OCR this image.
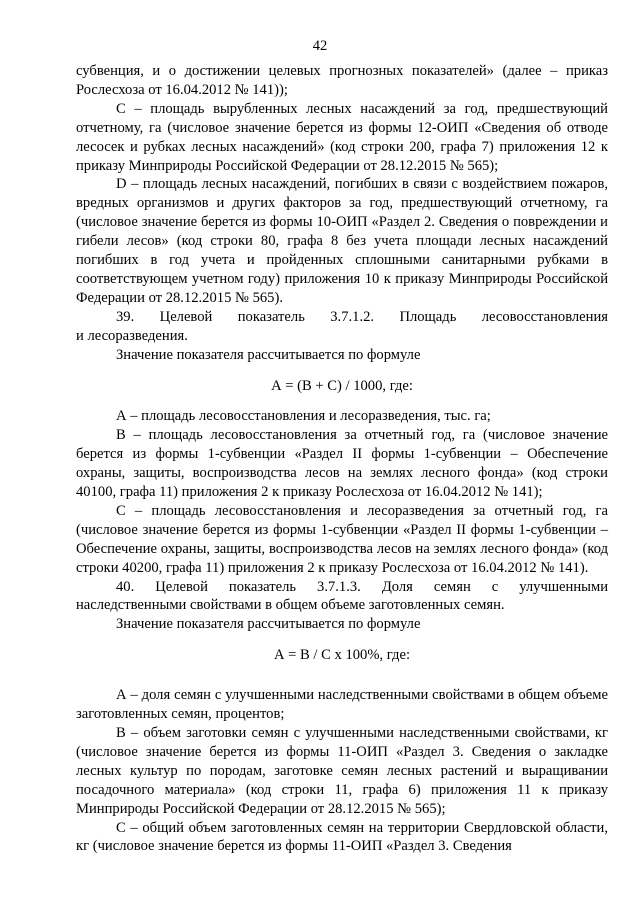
42

субвенция, и о достижении целевых прогнозных показателей» (далее – приказ Рослесхоза от 16.04.2012 № 141));

C – площадь вырубленных лесных насаждений за год, предшествующий отчетному, га (числовое значение берется из формы 12-ОИП «Сведения об отводе лесосек и рубках лесных насаждений» (код строки 200, графа 7) приложения 12 к приказу Минприроды Российской Федерации от 28.12.2015 № 565);

D – площадь лесных насаждений, погибших в связи с воздействием пожаров, вредных организмов и других факторов за год, предшествующий отчетному, га (числовое значение берется из формы 10-ОИП «Раздел 2. Сведения о повреждении и гибели лесов» (код строки 80, графа 8 без учета площади лесных насаждений погибших в год учета и пройденных сплошными санитарными рубками в соответствующем учетном году) приложения 10 к приказу Минприроды Российской Федерации от 28.12.2015 № 565).

39. Целевой показатель 3.7.1.2. Площадь лесовосстановления

и лесоразведения.

Значение показателя рассчитывается по формуле

А = (В + С) / 1000, где:

А – площадь лесовосстановления и лесоразведения, тыс. га;

В – площадь лесовосстановления за отчетный год, га (числовое значение берется из формы 1-субвенции «Раздел II формы 1-субвенции – Обеспечение охраны, защиты, воспроизводства лесов на землях лесного фонда» (код строки 40100, графа 11) приложения 2 к приказу Рослесхоза от 16.04.2012 № 141);

С – площадь лесовосстановления и лесоразведения за отчетный год, га (числовое значение берется из формы 1-субвенции «Раздел II формы 1-субвенции – Обеспечение охраны, защиты, воспроизводства лесов на землях лесного фонда» (код строки 40200, графа 11) приложения 2 к приказу Рослесхоза от 16.04.2012 № 141).

40. Целевой показатель 3.7.1.3. Доля семян с улучшенными

наследственными свойствами в общем объеме заготовленных семян.

Значение показателя рассчитывается по формуле

А = В / С х 100%, где:

А – доля семян с улучшенными наследственными свойствами в общем объеме заготовленных семян, процентов;

В – объем заготовки семян с улучшенными наследственными свойствами, кг (числовое значение берется из формы 11-ОИП «Раздел 3. Сведения о закладке лесных культур по породам, заготовке семян лесных растений и выращивании посадочного материала» (код строки 11, графа 6) приложения 11 к приказу Минприроды Российской Федерации от 28.12.2015 № 565);

С – общий объем заготовленных семян на территории Свердловской области, кг (числовое значение берется из формы 11-ОИП «Раздел 3. Сведения
